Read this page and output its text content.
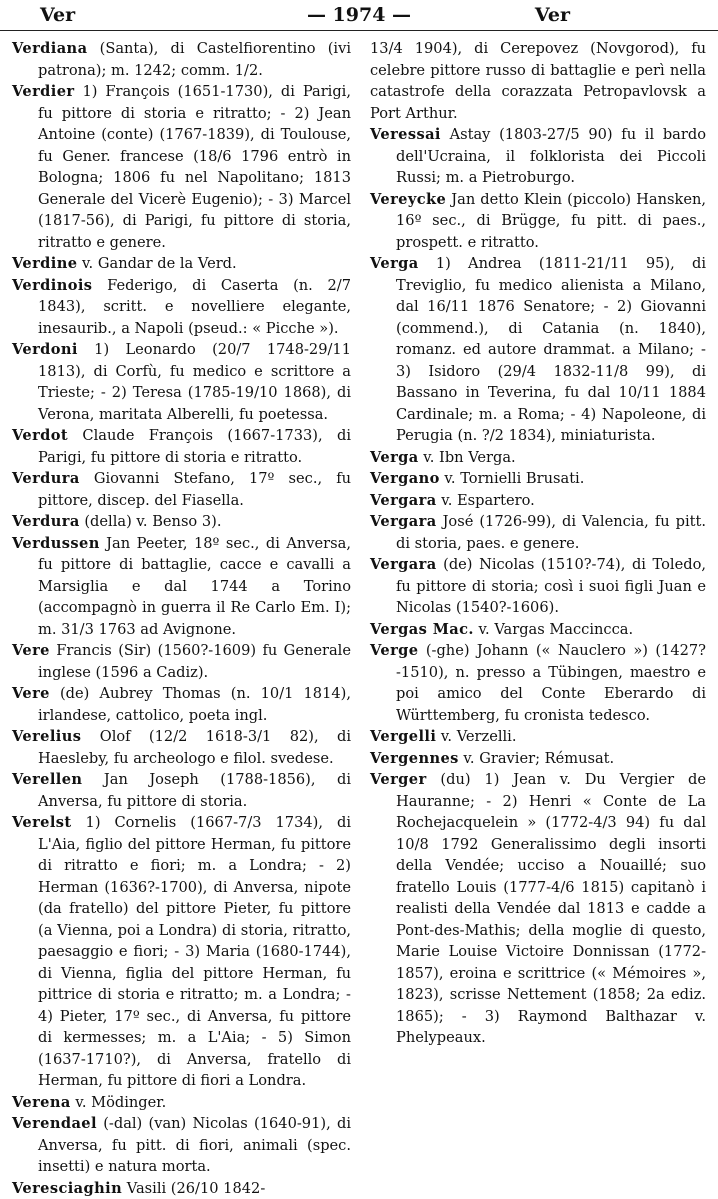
Ver	— 1974 —	Ver

Verdiana (Santa), di Castelfiorentino (ivi patrona); m. 1242; comm. 1/2.

Verdier 1) François (1651-1730), di Parigi, fu pittore di storia e ritratto; - 2) Jean Antoine (conte) (1767-1839), di Toulouse, fu Gener. francese (18/6 1796 entrò in Bologna; 1806 fu nel Napolitano; 1813 Generale del Vicerè Eugenio); - 3) Marcel (1817-56), di Parigi, fu pittore di storia, ritratto e genere.

Verdine v. Gandar de la Verd.

Verdinois Federigo, di Caserta (n. 2/7 1843), scritt. e novelliere elegante, inesaurib., a Napoli (pseud.: « Picche »).

Verdoni 1) Leonardo (20/7 1748-29/11 1813), di Corfù, fu medico e scrittore a Trieste; - 2) Teresa (1785-19/10 1868), di Verona, maritata Alberelli, fu poetessa.

Verdot Claude François (1667-1733), di Parigi, fu pittore di storia e ritratto.

Verdura Giovanni Stefano, 17º sec., fu pittore, discep. del Fiasella.

Verdura (della) v. Benso 3).

Verdussen Jan Peeter, 18º sec., di Anversa, fu pittore di battaglie, cacce e cavalli a Marsiglia e dal 1744 a Torino (accompagnò in guerra il Re Carlo Em. I); m. 31/3 1763 ad Avignone.

Vere Francis (Sir) (1560?-1609) fu Generale inglese (1596 a Cadiz).

Vere (de) Aubrey Thomas (n. 10/1 1814), irlandese, cattolico, poeta ingl.

Verelius Olof (12/2 1618-3/1 82), di Haesleby, fu archeologo e filol. svedese.

Verellen Jan Joseph (1788-1856), di Anversa, fu pittore di storia.

Verelst 1) Cornelis (1667-7/3 1734), di L'Aia, figlio del pittore Herman, fu pittore di ritratto e fiori; m. a Londra; - 2) Herman (1636?-1700), di Anversa, nipote (da fratello) del pittore Pieter, fu pittore (a Vienna, poi a Londra) di storia, ritratto, paesaggio e fiori; - 3) Maria (1680-1744), di Vienna, figlia del pittore Herman, fu pittrice di storia e ritratto; m. a Londra; - 4) Pieter, 17º sec., di Anversa, fu pittore di kermesses; m. a L'Aia; - 5) Simon (1637-1710?), di Anversa, fratello di Herman, fu pittore di fiori a Londra.

Verena v. Mödinger.

Verendael (-dal) (van) Nicolas (1640-91), di Anversa, fu pitt. di fiori, animali (spec. insetti) e natura morta.

Veresciaghin Vasili (26/10 1842-

13/4 1904), di Cerepovez (Novgorod), fu celebre pittore russo di battaglie e perì nella catastrofe della corazzata Petropavlovsk a Port Arthur.

Veressai Astay (1803-27/5 90) fu il bardo dell'Ucraina, il folklorista dei Piccoli Russi; m. a Pietroburgo.

Vereycke Jan detto Klein (piccolo) Hansken, 16º sec., di Brügge, fu pitt. di paes., prospett. e ritratto.

Verga 1) Andrea (1811-21/11 95), di Treviglio, fu medico alienista a Milano, dal 16/11 1876 Senatore; - 2) Giovanni (commend.), di Catania (n. 1840), romanz. ed autore drammat. a Milano; - 3) Isidoro (29/4 1832-11/8 99), di Bassano in Teverina, fu dal 10/11 1884 Cardinale; m. a Roma; - 4) Napoleone, di Perugia (n. ?/2 1834), miniaturista.

Verga v. Ibn Verga.

Vergano v. Tornielli Brusati.

Vergara v. Espartero.

Vergara José (1726-99), di Valencia, fu pitt. di storia, paes. e genere.

Vergara (de) Nicolas (1510?-74), di Toledo, fu pittore di storia; così i suoi figli Juan e Nicolas (1540?-1606).

Vergas Mac. v. Vargas Maccincca.

Verge (-ghe) Johann (« Nauclero ») (1427?-1510), n. presso a Tübingen, maestro e poi amico del Conte Eberardo di Württemberg, fu cronista tedesco.

Vergelli v. Verzelli.

Vergennes v. Gravier; Rémusat.

Verger (du) 1) Jean v. Du Vergier de Hauranne; - 2) Henri « Conte de La Rochejacquelein » (1772-4/3 94) fu dal 10/8 1792 Generalissimo degli insorti della Vendée; ucciso a Nouaillé; suo fratello Louis (1777-4/6 1815) capitanò i realisti della Vendée dal 1813 e cadde a Pont-des-Mathis; della moglie di questo, Marie Louise Victoire Donnissan (1772-1857), eroina e scrittrice (« Mémoires », 1823), scrisse Nettement (1858; 2a ediz. 1865); - 3) Raymond Balthazar v. Phelypeaux.
